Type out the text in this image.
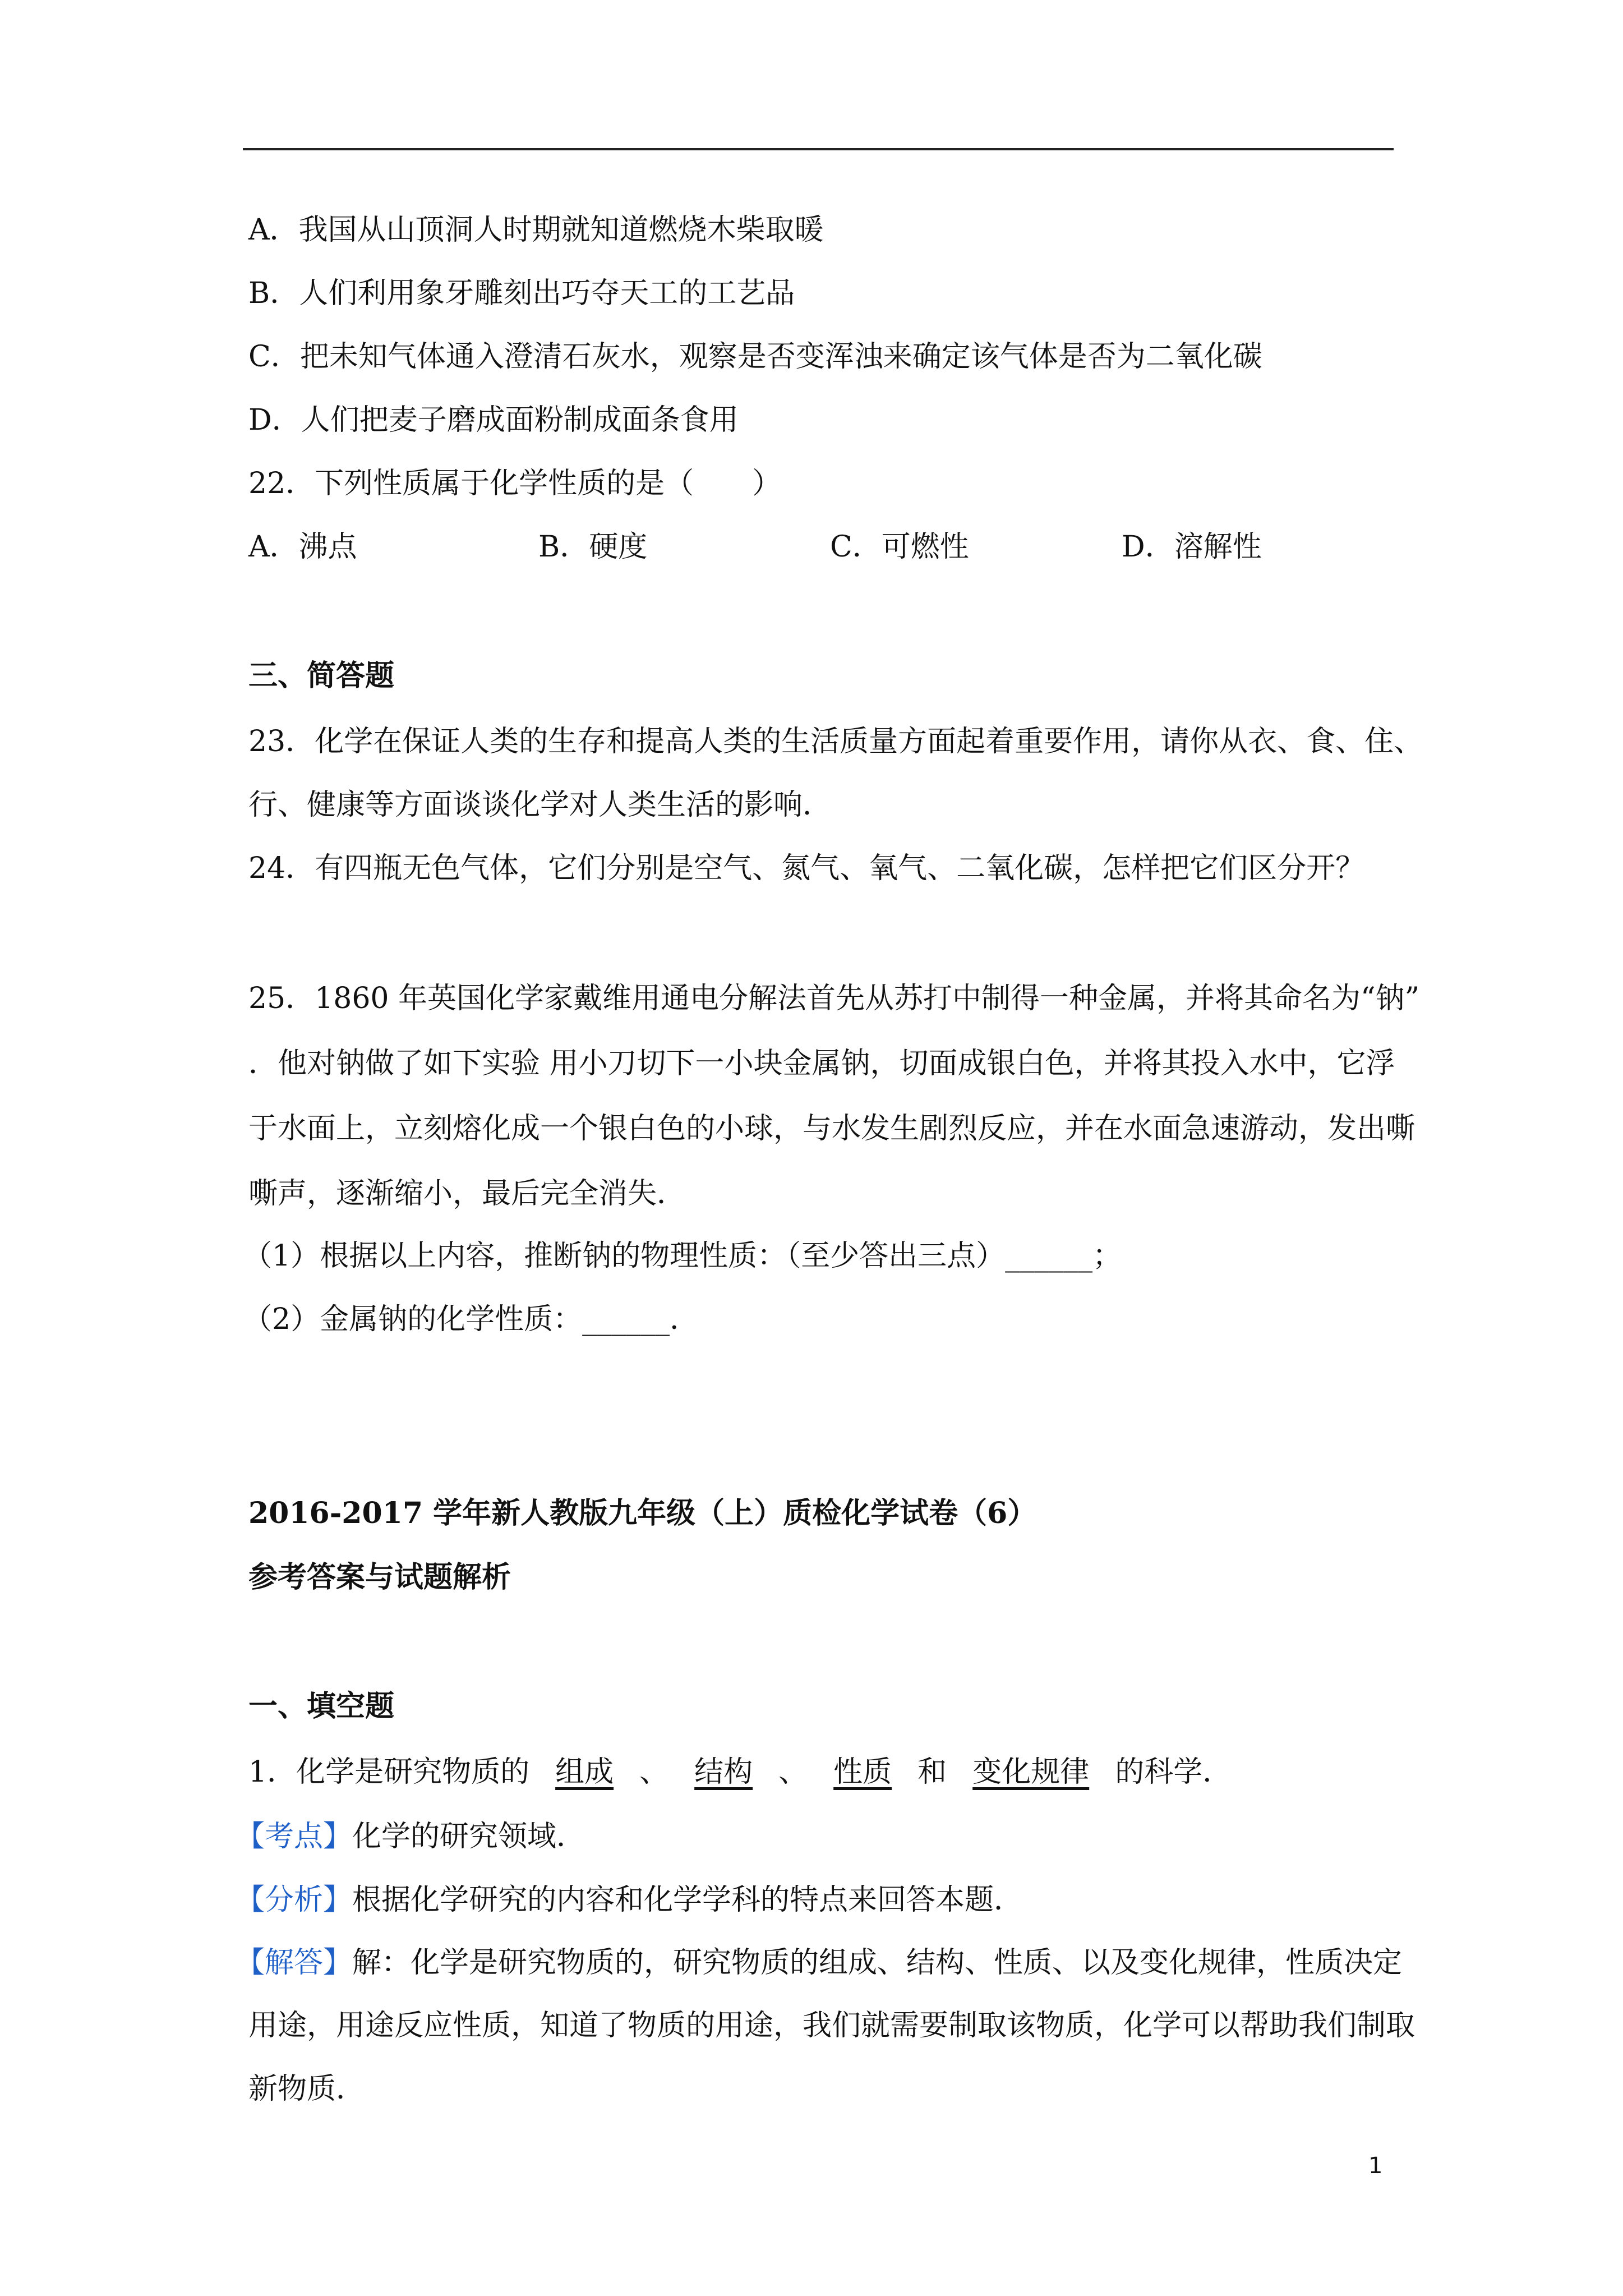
A．我国从山顶洞人时期就知道燃烧木柴取暖
B．人们利用象牙雕刻出巧夺天工的工艺品
C．把未知气体通入澄清石灰水，观察是否变浑浊来确定该气体是否为二氧化碳
D．人们把麦子磨成面粉制成面条食用
22．下列性质属于化学性质的是（　　）
A．沸点	B．硬度	C．可燃性	D．溶解性
三、简答题
23．化学在保证人类的生存和提高人类的生活质量方面起着重要作用，请你从衣、食、住、
行、健康等方面谈谈化学对人类生活的影响．
24．有四瓶无色气体，它们分别是空气、氮气、氧气、二氧化碳，怎样把它们区分开？
25．1860 年英国化学家戴维用通电分解法首先从苏打中制得一种金属，并将其命名为“钠”
．他对钠做了如下实验 用小刀切下一小块金属钠，切面成银白色，并将其投入水中，它浮
于水面上，立刻熔化成一个银白色的小球，与水发生剧烈反应，并在水面急速游动，发出嘶
嘶声，逐渐缩小，最后完全消失．
（1）根据以上内容，推断钠的物理性质：（至少答出三点）______；
（2）金属钠的化学性质：______．
2016-2017 学年新人教版九年级（上）质检化学试卷（6）
参考答案与试题解析
一、填空题
1．化学是研究物质的 组成 、 结构 、 性质 和 变化规律 的科学．
【考点】化学的研究领域．
【分析】根据化学研究的内容和化学学科的特点来回答本题．
【解答】解：化学是研究物质的，研究物质的组成、结构、性质、以及变化规律，性质决定
用途，用途反应性质，知道了物质的用途，我们就需要制取该物质，化学可以帮助我们制取
新物质．
1
